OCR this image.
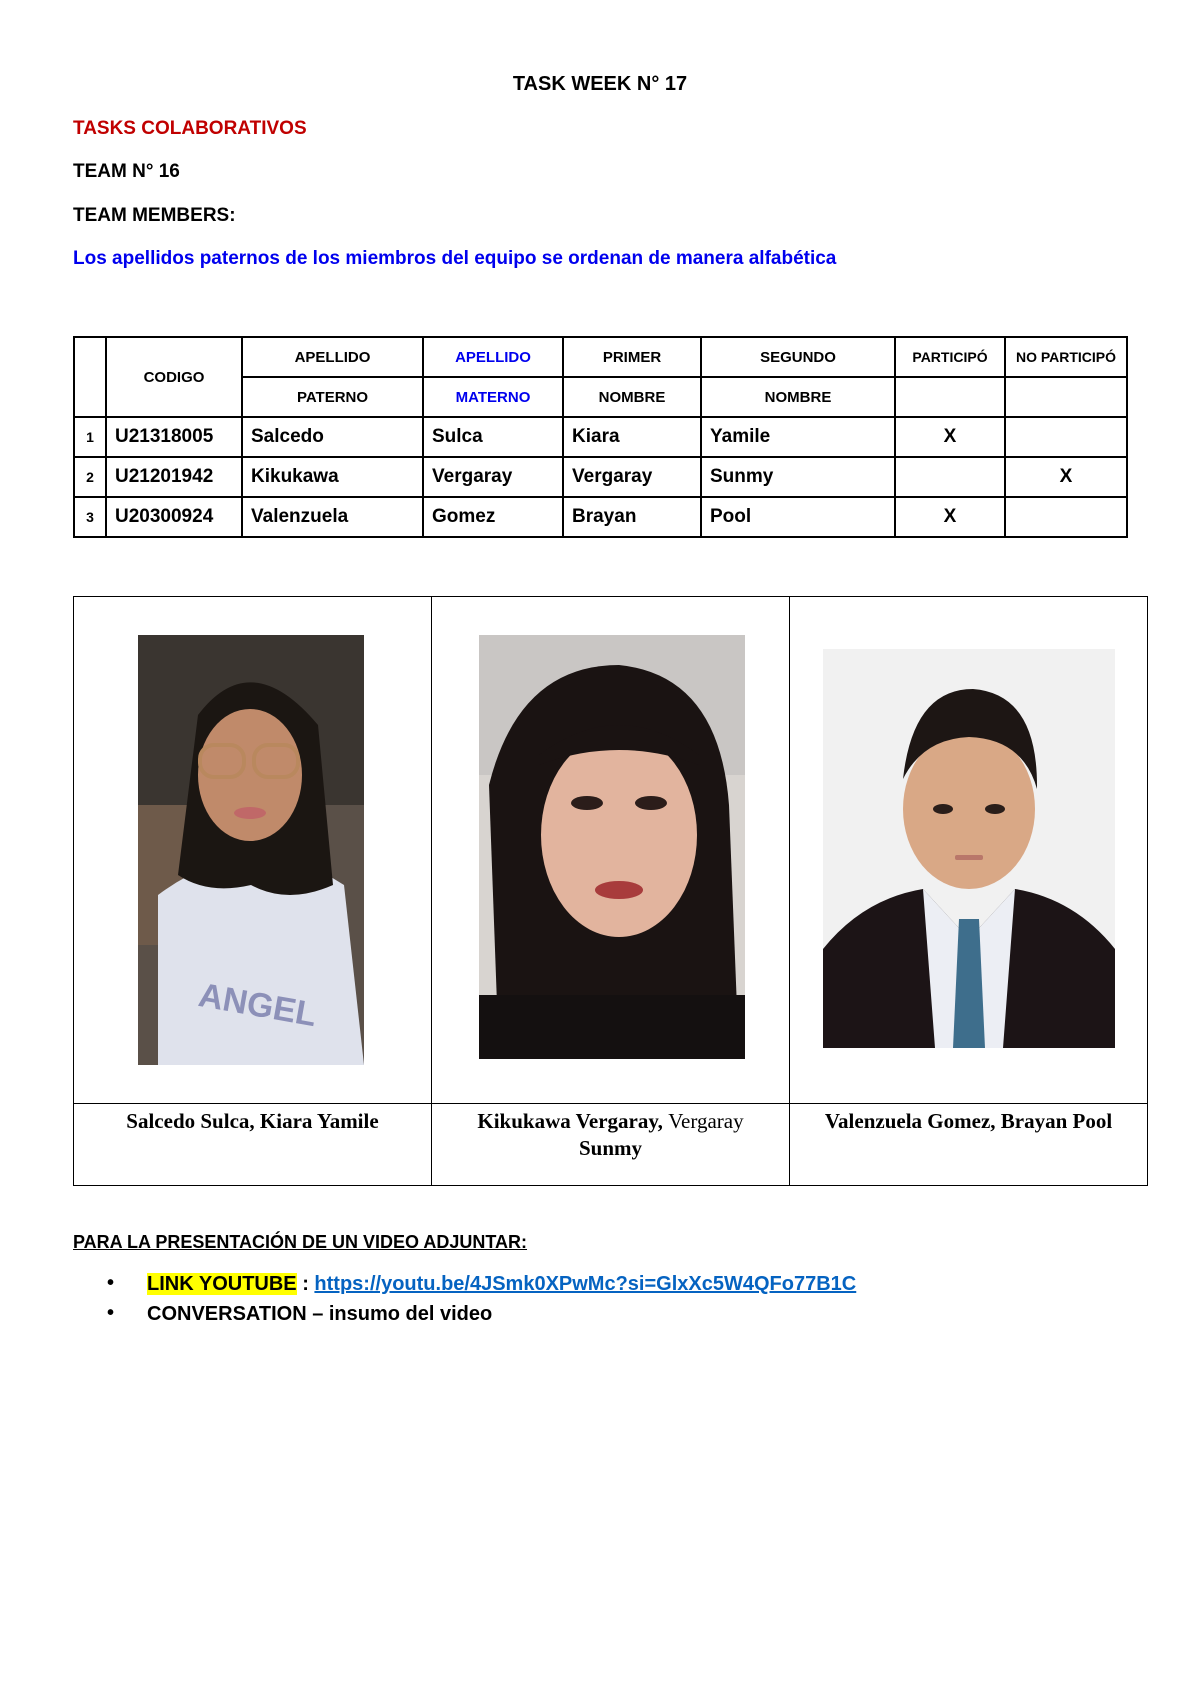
TASK WEEK N° 17
TASKS COLABORATIVOS
TEAM N° 16
TEAM MEMBERS:
Los apellidos paternos de los miembros del equipo se ordenan de manera alfabética
	CODIGO	APELLIDO	APELLIDO	PRIMER	SEGUNDO	PARTICIPÓ	NO PARTICIPÓ
		PATERNO	MATERNO	NOMBRE	NOMBRE		
1	U21318005	Salcedo	Sulca	Kiara	Yamile	X	
2	U21201942	Kikukawa	Vergaray	Vergaray	Sunmy		X
3	U20300924	Valenzuela	Gomez	Brayan	Pool	X	
ANGEL

Salcedo Sulca, Kiara Yamile	Kikukawa Vergaray, Vergaray
Sunmy	Valenzuela Gomez, Brayan Pool
PARA LA PRESENTACIÓN DE UN VIDEO ADJUNTAR:
• LINK YOUTUBE : https://youtu.be/4JSmk0XPwMc?si=GlxXc5W4QFo77B1C
• CONVERSATION – insumo del video
